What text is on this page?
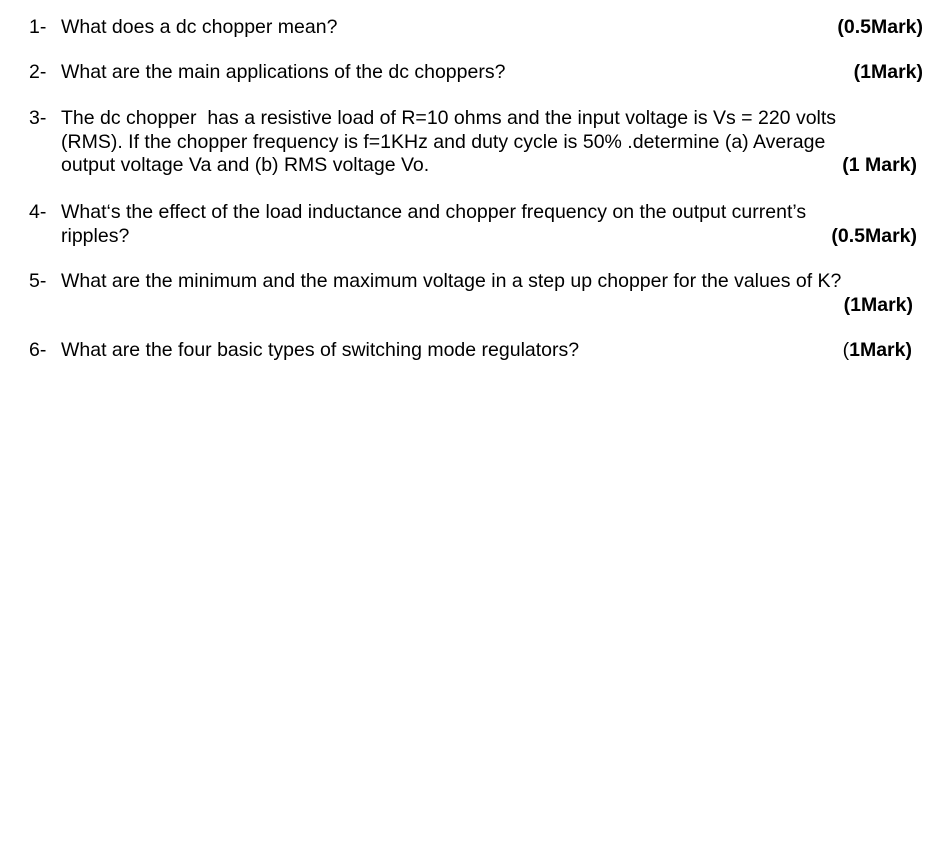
1- What does a dc chopper mean?	(0.5Mark)
2- What are the main applications of the dc choppers?	(1Mark)
3- The dc chopper  has a resistive load of R=10 ohms and the input voltage is Vs = 220 volts
(RMS). If the chopper frequency is f=1KHz and duty cycle is 50% .determine (a) Average
output voltage Va and (b) RMS voltage Vo.	(1 Mark)
4- What‘s the effect of the load inductance and chopper frequency on the output current’s
ripples?	(0.5Mark)
5- What are the minimum and the maximum voltage in a step up chopper for the values of K?
(1Mark)
6- What are the four basic types of switching mode regulators?	(1Mark)
